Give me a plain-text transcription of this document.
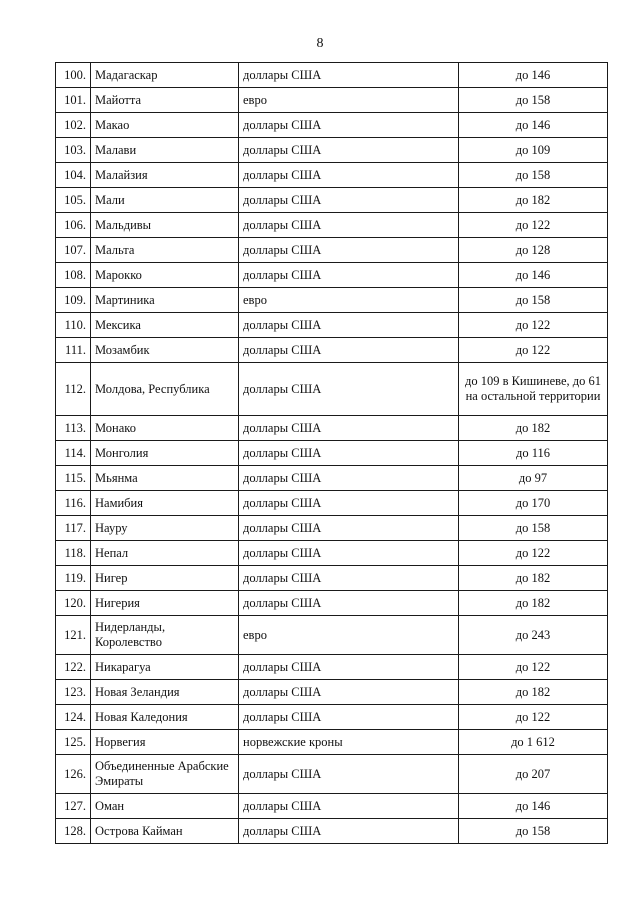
8
100.	Мадагаскар	доллары США	до 146
101.	Майотта	евро	до 158
102.	Макао	доллары США	до 146
103.	Малави	доллары США	до 109
104.	Малайзия	доллары США	до 158
105.	Мали	доллары США	до 182
106.	Мальдивы	доллары США	до 122
107.	Мальта	доллары США	до 128
108.	Марокко	доллары США	до 146
109.	Мартиника	евро	до 158
110.	Мексика	доллары США	до 122
111.	Мозамбик	доллары США	до 122
112.	Молдова, Республика	доллары США	до 109 в Кишиневе, до 61 на остальной территории
113.	Монако	доллары США	до 182
114.	Монголия	доллары США	до 116
115.	Мьянма	доллары США	до 97
116.	Намибия	доллары США	до 170
117.	Науру	доллары США	до 158
118.	Непал	доллары США	до 122
119.	Нигер	доллары США	до 182
120.	Нигерия	доллары США	до 182
121.	Нидерланды, Королевство	евро	до 243
122.	Никарагуа	доллары США	до 122
123.	Новая Зеландия	доллары США	до 182
124.	Новая Каледония	доллары США	до 122
125.	Норвегия	норвежские кроны	до 1 612
126.	Объединенные Арабские Эмираты	доллары США	до 207
127.	Оман	доллары США	до 146
128.	Острова Кайман	доллары США	до 158
